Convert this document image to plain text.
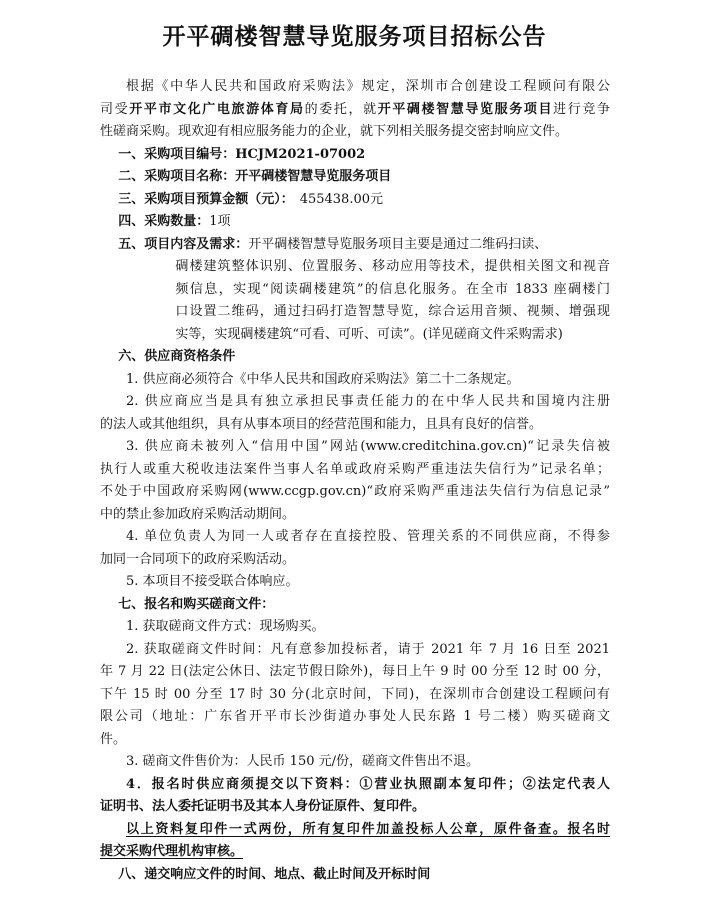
开平碉楼智慧导览服务项目招标公告
根据《中华人民共和国政府采购法》规定，深圳市合创建设工程顾问有限公
司受开平市文化广电旅游体育局的委托，就开平碉楼智慧导览服务项目进行竞争
性磋商采购。现欢迎有相应服务能力的企业，就下列相关服务提交密封响应文件。
一、采购项目编号：HCJM2021-07002
二、采购项目名称：开平碉楼智慧导览服务项目
三、采购项目预算金额（元）： 455438.00元
四、采购数量：1项
五、项目内容及需求：开平碉楼智慧导览服务项目主要是通过二维码扫读、
碉楼建筑整体识别、位置服务、移动应用等技术，提供相关图文和视音
频信息，实现“阅读碉楼建筑”的信息化服务。在全市 1833 座碉楼门
口设置二维码，通过扫码打造智慧导览，综合运用音频、视频、增强现
实等，实现碉楼建筑“可看、可听、可读”。(详见磋商文件采购需求)
六、供应商资格条件
1. 供应商必须符合《中华人民共和国政府采购法》第二十二条规定。
2. 供应商应当是具有独立承担民事责任能力的在中华人民共和国境内注册
的法人或其他组织，具有从事本项目的经营范围和能力，且具有良好的信誉。
3. 供应商未被列入“信用中国”网站(www.creditchina.gov.cn)“记录失信被
执行人或重大税收违法案件当事人名单或政府采购严重违法失信行为”记录名单；
不处于中国政府采购网(www.ccgp.gov.cn)“政府采购严重违法失信行为信息记录”
中的禁止参加政府采购活动期间。
4. 单位负责人为同一人或者存在直接控股、管理关系的不同供应商，不得参
加同一合同项下的政府采购活动。
5. 本项目不接受联合体响应。
七、报名和购买磋商文件：
1. 获取磋商文件方式：现场购买。
2. 获取磋商文件时间：凡有意参加投标者，请于 2021 年 7 月 16 日至 2021
年 7 月 22 日(法定公休日、法定节假日除外)，每日上午 9 时 00 分至 12 时 00 分，
下午 15 时 00 分至 17 时 30 分(北京时间，下同)，在深圳市合创建设工程顾问有
限公司（地址：广东省开平市长沙街道办事处人民东路 1 号二楼）购买磋商文
件。
3. 磋商文件售价为：人民币 150 元/份，磋商文件售出不退。
4．报名时供应商须提交以下资料：①营业执照副本复印件；②法定代表人
证明书、法人委托证明书及其本人身份证原件、复印件。
以上资料复印件一式两份，所有复印件加盖投标人公章，原件备查。报名时
提交采购代理机构审核。
八、递交响应文件的时间、地点、截止时间及开标时间
